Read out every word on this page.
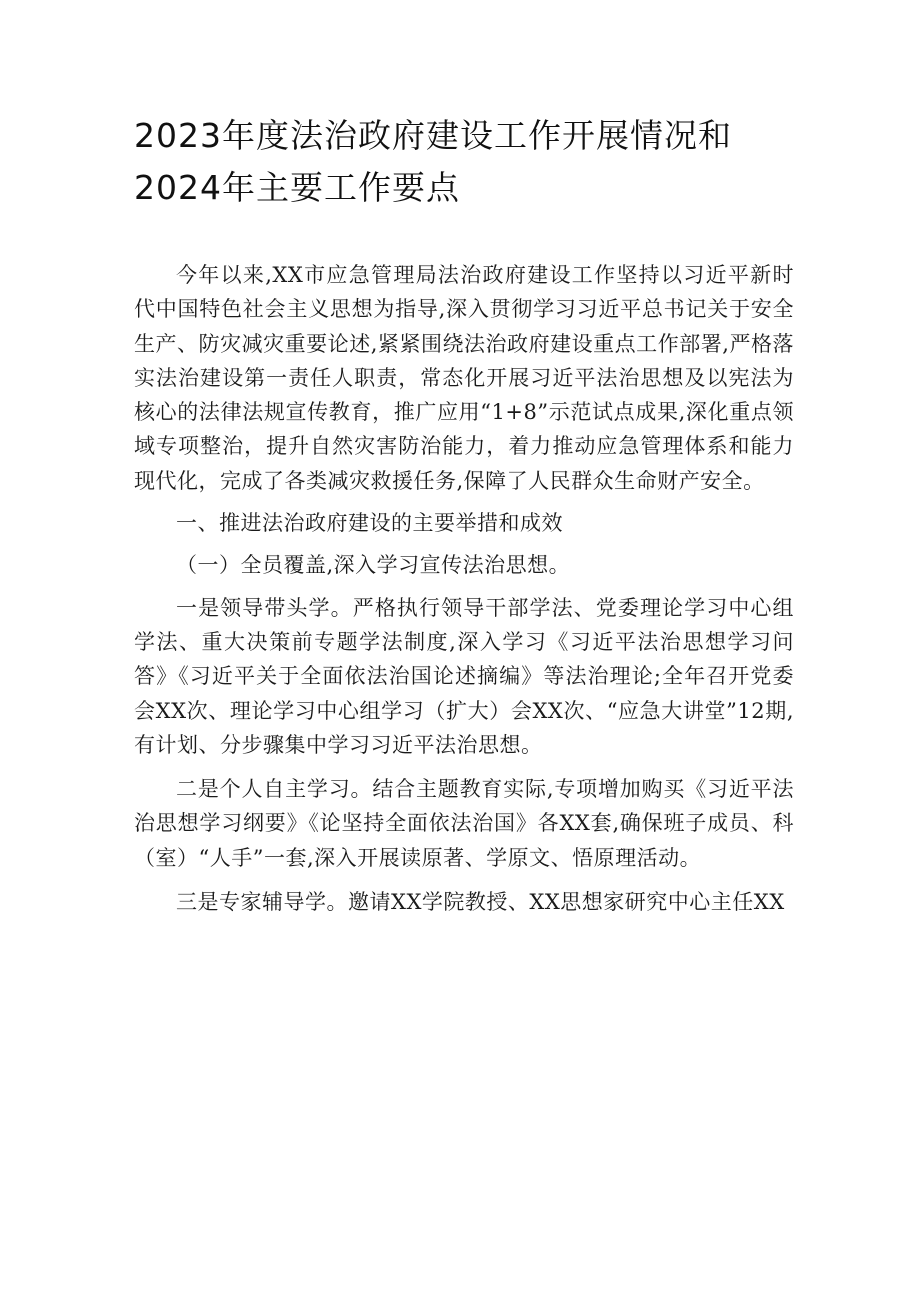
2023年度法治政府建设工作开展情况和
2024年主要工作要点

今年以来,XX市应急管理局法治政府建设工作坚持以习近平新时代中国特色社会主义思想为指导,深入贯彻学习习近平总书记关于安全生产、防灾减灾重要论述,紧紧围绕法治政府建设重点工作部署,严格落实法治建设第一责任人职责，常态化开展习近平法治思想及以宪法为核心的法律法规宣传教育，推广应用“1+8”示范试点成果,深化重点领域专项整治，提升自然灾害防治能力，着力推动应急管理体系和能力现代化，完成了各类减灾救援任务,保障了人民群众生命财产安全。

一、推进法治政府建设的主要举措和成效

（一）全员覆盖,深入学习宣传法治思想。

一是领导带头学。严格执行领导干部学法、党委理论学习中心组学法、重大决策前专题学法制度,深入学习《习近平法治思想学习问答》《习近平关于全面依法治国论述摘编》等法治理论;全年召开党委会XX次、理论学习中心组学习（扩大）会XX次、“应急大讲堂”12期,有计划、分步骤集中学习习近平法治思想。

二是个人自主学习。结合主题教育实际,专项增加购买《习近平法治思想学习纲要》《论坚持全面依法治国》各XX套,确保班子成员、科（室）“人手”一套,深入开展读原著、学原文、悟原理活动。

三是专家辅导学。邀请XX学院教授、XX思想家研究中心主任XX
